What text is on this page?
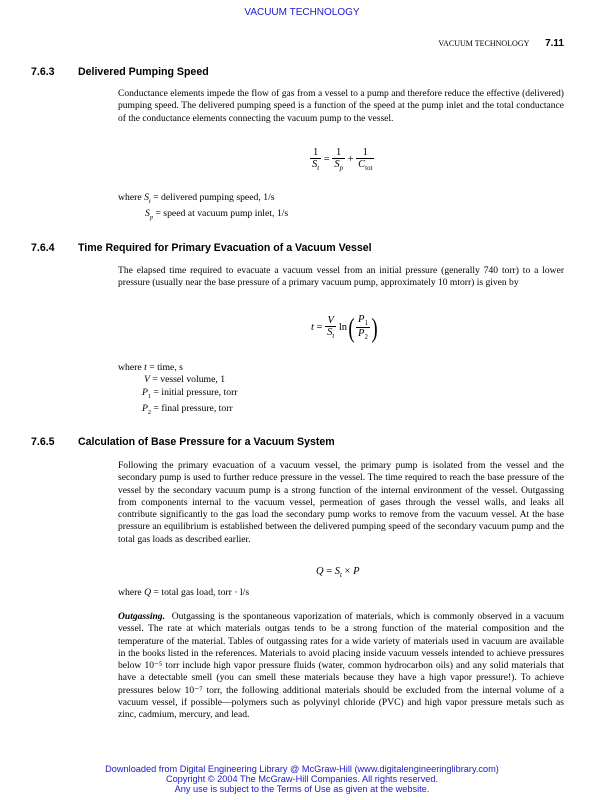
VACUUM TECHNOLOGY
VACUUM TECHNOLOGY 7.11
7.6.3 Delivered Pumping Speed
Conductance elements impede the flow of gas from a vessel to a pump and therefore reduce the effective (delivered) pumping speed. The delivered pumping speed is a function of the speed at the pump inlet and the total conductance of the conductance elements connecting the vacuum pump to the vessel.
$\frac{1}{S_t} = \frac{1}{S_p} + \frac{1}{C_{tot}}$
where $S_t$ = delivered pumping speed, 1/s
$S_p$ = speed at vacuum pump inlet, 1/s
7.6.4 Time Required for Primary Evacuation of a Vacuum Vessel
The elapsed time required to evacuate a vacuum vessel from an initial pressure (generally 740 torr) to a lower pressure (usually near the base pressure of a primary vacuum pump, approximately 10 mtorr) is given by
$t = \frac{V}{S_t} \ln( \frac{P_1}{P_2}$ )
where t = time, s
V = vessel volume, 1
$P_1$ = initial pressure, torr
$P_2$ = final pressure, torr
7.6.5 Calculation of Base Pressure for a Vacuum System
Following the primary evacuation of a vacuum vessel, the primary pump is isolated from the vessel and the secondary pump is used to further reduce pressure in the vessel. The time required to reach the base pressure of the vessel by the secondary vacuum pump is a strong function of the internal environment of the vessel. Outgassing from components internal to the vacuum vessel, permeation of gases through the vessel walls, and leaks all contribute significantly to the gas load the secondary pump works to remove from the vacuum vessel. At the base pressure an equilibrium is established between the delivered pumping speed of the secondary vacuum pump and the total gas loads as described earlier.
$Q = S_t \times P$
where Q = total gas load, torr · l/s
Outgassing. Outgassing is the spontaneous vaporization of materials, which is commonly observed in a vacuum vessel. The rate at which materials outgas tends to be a strong function of the material composition and the temperature of the material. Tables of outgassing rates for a wide variety of materials used in vacuum are available in the books listed in the references. Materials to avoid placing inside vacuum vessels intended to achieve pressures below 10⁻⁵ torr include high vapor pressure fluids (water, common hydrocarbon oils) and any solid materials that have a detectable smell (you can smell these materials because they have a high vapor pressure!). To achieve pressures below 10⁻⁷ torr, the following additional materials should be excluded from the internal volume of a vacuum vessel, if possible—polymers such as polyvinyl chloride (PVC) and high vapor pressure metals such as zinc, cadmium, mercury, and lead.
Downloaded from Digital Engineering Library @ McGraw-Hill (www.digitalengineeringlibrary.com)
Copyright © 2004 The McGraw-Hill Companies. All rights reserved.
Any use is subject to the Terms of Use as given at the website.
